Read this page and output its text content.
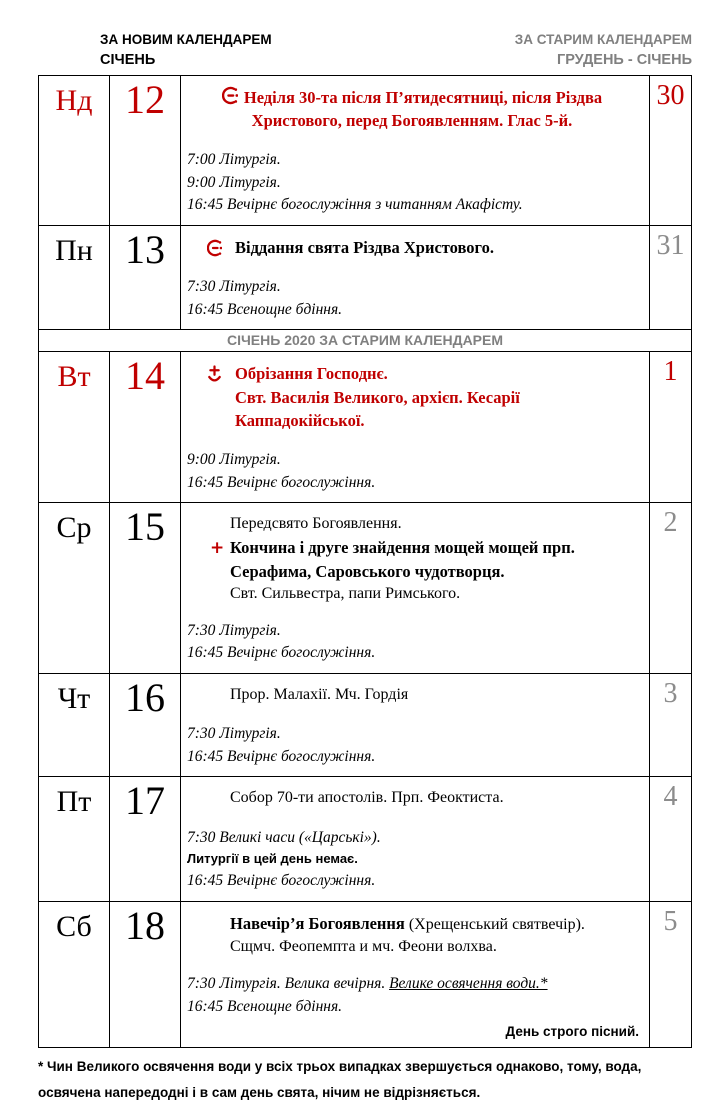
ЗА НОВИМ КАЛЕНДАРЕМ
СІЧЕНЬ
ЗА СТАРИМ КАЛЕНДАРЕМ
ГРУДЕНЬ - СІЧЕНЬ
Нд 12	Неділя 30-та після П’ятидесятниці, після Різдва Христового, перед Богоявленням. Глас 5-й.
7:00 Літургія.
9:00 Літургія.
16:45 Вечірнє богослужіння з читанням Акафісту.
30
Пн 13	Віддання свята Різдва Христового.
7:30 Літургія.
16:45 Всенощне бдіння.
31
СІЧЕНЬ 2020 ЗА СТАРИМ КАЛЕНДАРЕМ
Вт 14	Обрізання Господнє.
Свт. Василія Великого, архієп. Кесарії Каппадокійської.
9:00 Літургія.
16:45 Вечірнє богослужіння.
1
Ср 15	Передсвято Богоявлення.
+ Кончина і друге знайдення мощей мощей прп. Серафима, Саровського чудотворця.
Свт. Сильвестра, папи Римського.
7:30 Літургія.
16:45 Вечірнє богослужіння.
2
Чт 16	Прор. Малахії. Мч. Гордія
7:30 Літургія.
16:45 Вечірнє богослужіння.
3
Пт 17	Собор 70-ти апостолів. Прп. Феоктиста.
7:30 Великі часи («Царські»).
Литургії в цей день немає.
16:45 Вечірнє богослужіння.
4
Сб 18	Навечір’я Богоявлення (Хрещенський святвечір).
Сщмч. Феопемпта и мч. Феони волхва.
7:30 Літургія. Велика вечірня. Велике освячення води.*
16:45 Всенощне бдіння.
День строго пісний.
5
* Чин Великого освячення води у всіх трьох випадках звершується однаково, тому, вода, освячена напередодні і в сам день свята, нічим не відрізняється.
